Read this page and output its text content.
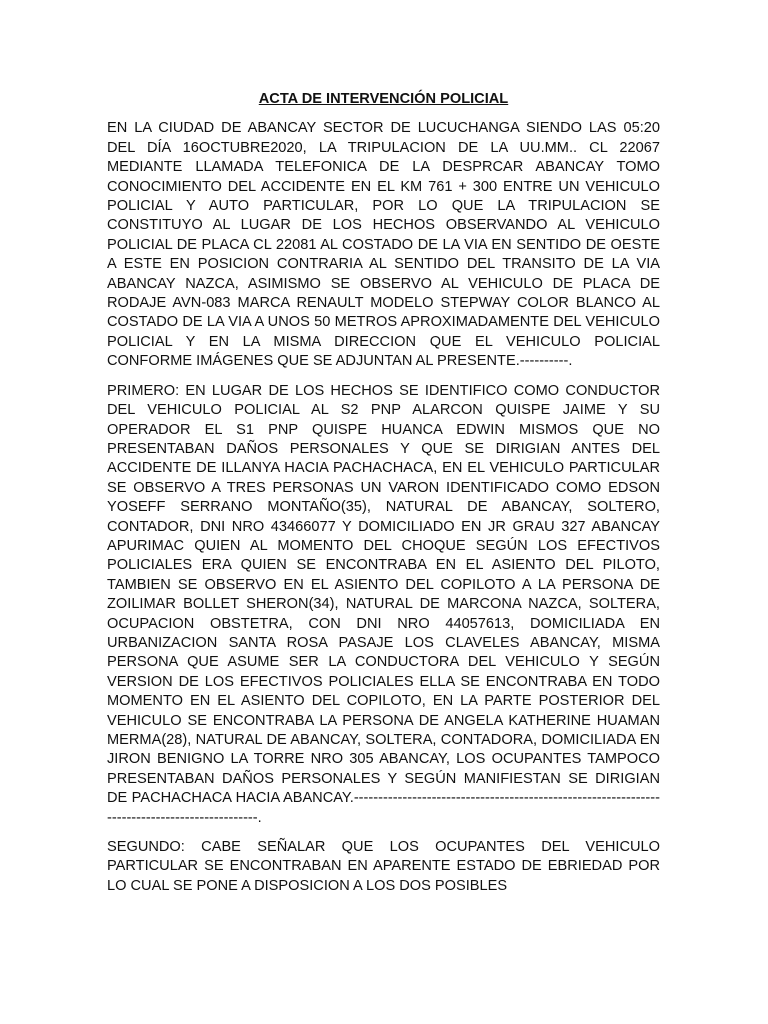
ACTA DE INTERVENCIÓN POLICIAL

EN LA CIUDAD DE ABANCAY SECTOR DE LUCUCHANGA SIENDO LAS 05:20 DEL DÍA 16OCTUBRE2020, LA TRIPULACION DE LA UU.MM.. CL 22067 MEDIANTE LLAMADA TELEFONICA DE LA DESPRCAR ABANCAY TOMO CONOCIMIENTO DEL ACCIDENTE EN EL KM 761 + 300 ENTRE UN VEHICULO POLICIAL Y AUTO PARTICULAR, POR LO QUE LA TRIPULACION SE CONSTITUYO AL LUGAR DE LOS HECHOS OBSERVANDO AL VEHICULO POLICIAL DE PLACA CL 22081 AL COSTADO DE LA VIA EN SENTIDO DE OESTE A ESTE EN POSICION CONTRARIA AL SENTIDO DEL TRANSITO DE LA VIA ABANCAY NAZCA, ASIMISMO SE OBSERVO AL VEHICULO DE PLACA DE RODAJE AVN-083 MARCA RENAULT MODELO STEPWAY COLOR BLANCO AL COSTADO DE LA VIA A UNOS 50 METROS APROXIMADAMENTE DEL VEHICULO POLICIAL Y EN LA MISMA DIRECCION QUE EL VEHICULO POLICIAL CONFORME IMÁGENES QUE SE ADJUNTAN AL PRESENTE.----------.

PRIMERO: EN LUGAR DE LOS HECHOS SE IDENTIFICO COMO CONDUCTOR DEL VEHICULO POLICIAL AL S2 PNP ALARCON QUISPE JAIME Y SU OPERADOR EL S1 PNP QUISPE HUANCA EDWIN MISMOS QUE NO PRESENTABAN DAÑOS PERSONALES Y QUE SE DIRIGIAN ANTES DEL ACCIDENTE DE ILLANYA HACIA PACHACHACA, EN EL VEHICULO PARTICULAR SE OBSERVO A TRES PERSONAS UN VARON IDENTIFICADO COMO EDSON YOSEFF SERRANO MONTAÑO(35), NATURAL DE ABANCAY, SOLTERO, CONTADOR, DNI NRO 43466077 Y DOMICILIADO EN JR GRAU 327 ABANCAY APURIMAC QUIEN AL MOMENTO DEL CHOQUE SEGÚN LOS EFECTIVOS POLICIALES ERA QUIEN SE ENCONTRABA EN EL ASIENTO DEL PILOTO, TAMBIEN SE OBSERVO EN EL ASIENTO DEL COPILOTO A LA PERSONA DE ZOILIMAR BOLLET SHERON(34), NATURAL DE MARCONA NAZCA, SOLTERA, OCUPACION OBSTETRA, CON DNI NRO 44057613, DOMICILIADA EN URBANIZACION SANTA ROSA PASAJE LOS CLAVELES ABANCAY, MISMA PERSONA QUE ASUME SER LA CONDUCTORA DEL VEHICULO Y SEGÚN VERSION DE LOS EFECTIVOS POLICIALES ELLA SE ENCONTRABA EN TODO MOMENTO EN EL ASIENTO DEL COPILOTO, EN LA PARTE POSTERIOR DEL VEHICULO SE ENCONTRABA LA PERSONA DE ANGELA KATHERINE HUAMAN MERMA(28), NATURAL DE ABANCAY, SOLTERA, CONTADORA, DOMICILIADA EN JIRON BENIGNO LA TORRE NRO 305 ABANCAY, LOS OCUPANTES TAMPOCO PRESENTABAN DAÑOS PERSONALES Y SEGÚN MANIFIESTAN SE DIRIGIAN DE PACHACHACA HACIA ABANCAY.----------------------------------------------------------------------------------------------.

SEGUNDO: CABE SEÑALAR QUE LOS OCUPANTES DEL VEHICULO PARTICULAR SE ENCONTRABAN EN APARENTE ESTADO DE EBRIEDAD POR LO CUAL SE PONE A DISPOSICION A LOS DOS POSIBLES
